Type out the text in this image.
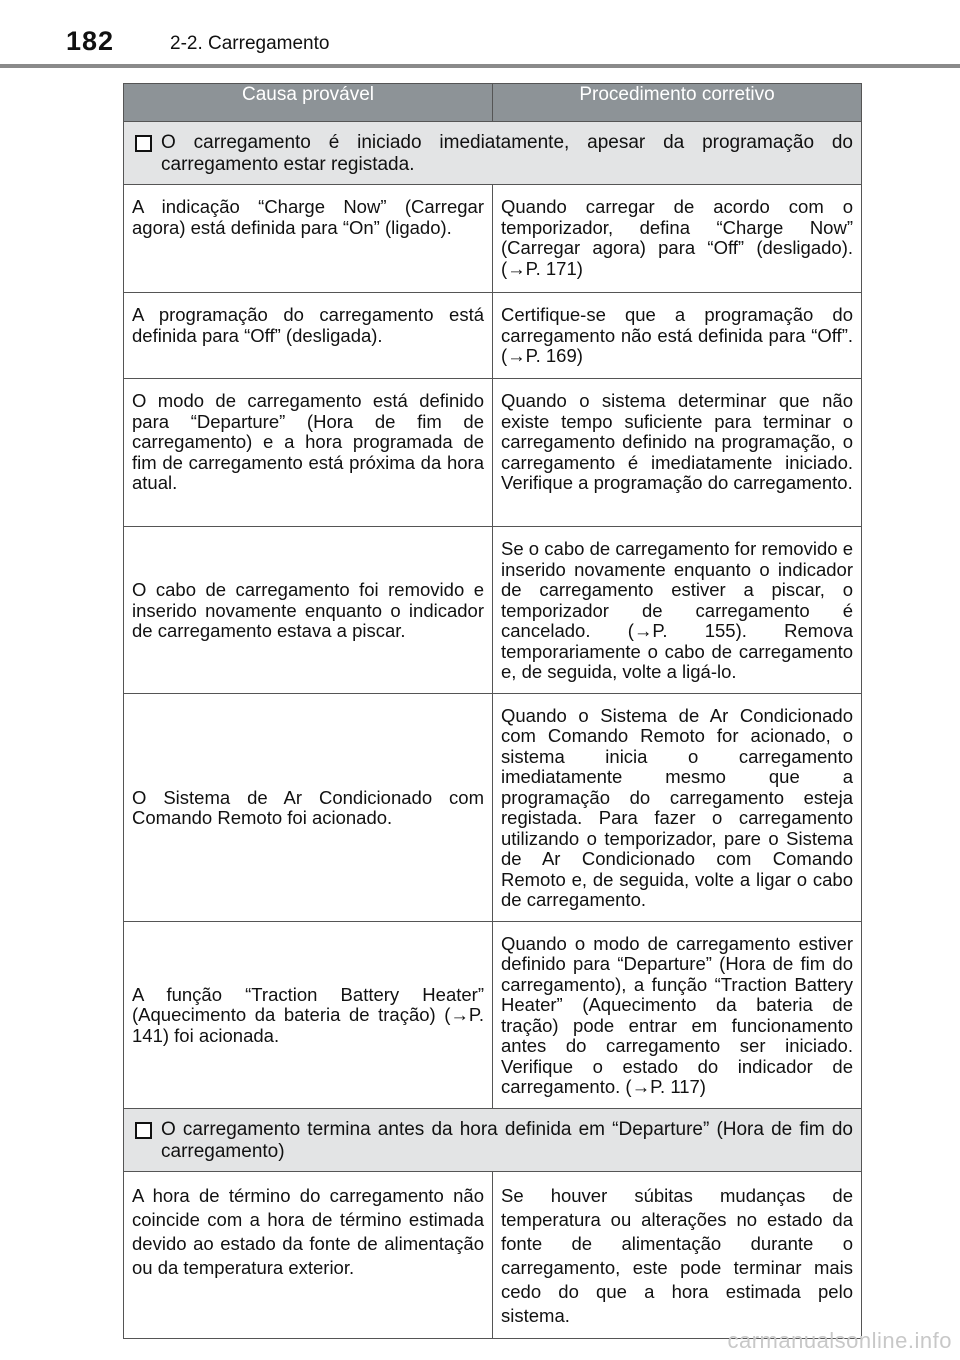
182	2-2. Carregamento
Causa provável	Procedimento corretivo

O carregamento é iniciado imediatamente, apesar da programação do carregamento estar registada.	

A indicação “Charge Now” (Carregar agora) está definida para “On” (ligado).	Quando carregar de acordo com o temporizador, defina “Charge Now” (Carregar agora) para “Off” (desligado). (→P. 171)
A programação do carregamento está definida para “Off” (desligada).	Certifique-se que a programação do carregamento não está definida para “Off”. (→P. 169)
O modo de carregamento está definido para “Departure” (Hora de fim de carregamento) e a hora programada de fim de carregamento está próxima da hora atual.	Quando o sistema determinar que não existe tempo suficiente para terminar o carregamento definido na programação, o carregamento é imediatamente iniciado. Verifique a programação do carregamento.
O cabo de carregamento foi removido e inserido novamente enquanto o indicador de carregamento estava a piscar.	Se o cabo de carregamento for removido e inserido novamente enquanto o indicador de carregamento estiver a piscar, o temporizador de carregamento é cancelado. (→P. 155). Remova temporariamente o cabo de carregamento e, de seguida, volte a ligá-lo.
O Sistema de Ar Condicionado com Comando Remoto foi acionado.	Quando o Sistema de Ar Condicionado com Comando Remoto for acionado, o sistema inicia o carregamento imediatamente mesmo que a programação do carregamento esteja registada. Para fazer o carregamento utilizando o temporizador, pare o Sistema de Ar Condicionado com Comando Remoto e, de seguida, volte a ligar o cabo de carregamento.
A função “Traction Battery Heater” (Aquecimento da bateria de tração) (→P. 141) foi acionada.	Quando o modo de carregamento estiver definido para “Departure” (Hora de fim do carregamento), a função “Traction Battery Heater” (Aquecimento da bateria de tração) pode entrar em funcionamento antes do carregamento ser iniciado. Verifique o estado do indicador de carregamento. (→P. 117)

O carregamento termina antes da hora definida em “Departure” (Hora de fim do carregamento)	

A hora de término do carregamento não coincide com a hora de término estimada devido ao estado da fonte de alimentação ou da temperatura exterior.	Se houver súbitas mudanças de temperatura ou alterações no estado da fonte de alimentação durante o carregamento, este pode terminar mais cedo do que a hora estimada pelo sistema.
carmanualsonline.info
